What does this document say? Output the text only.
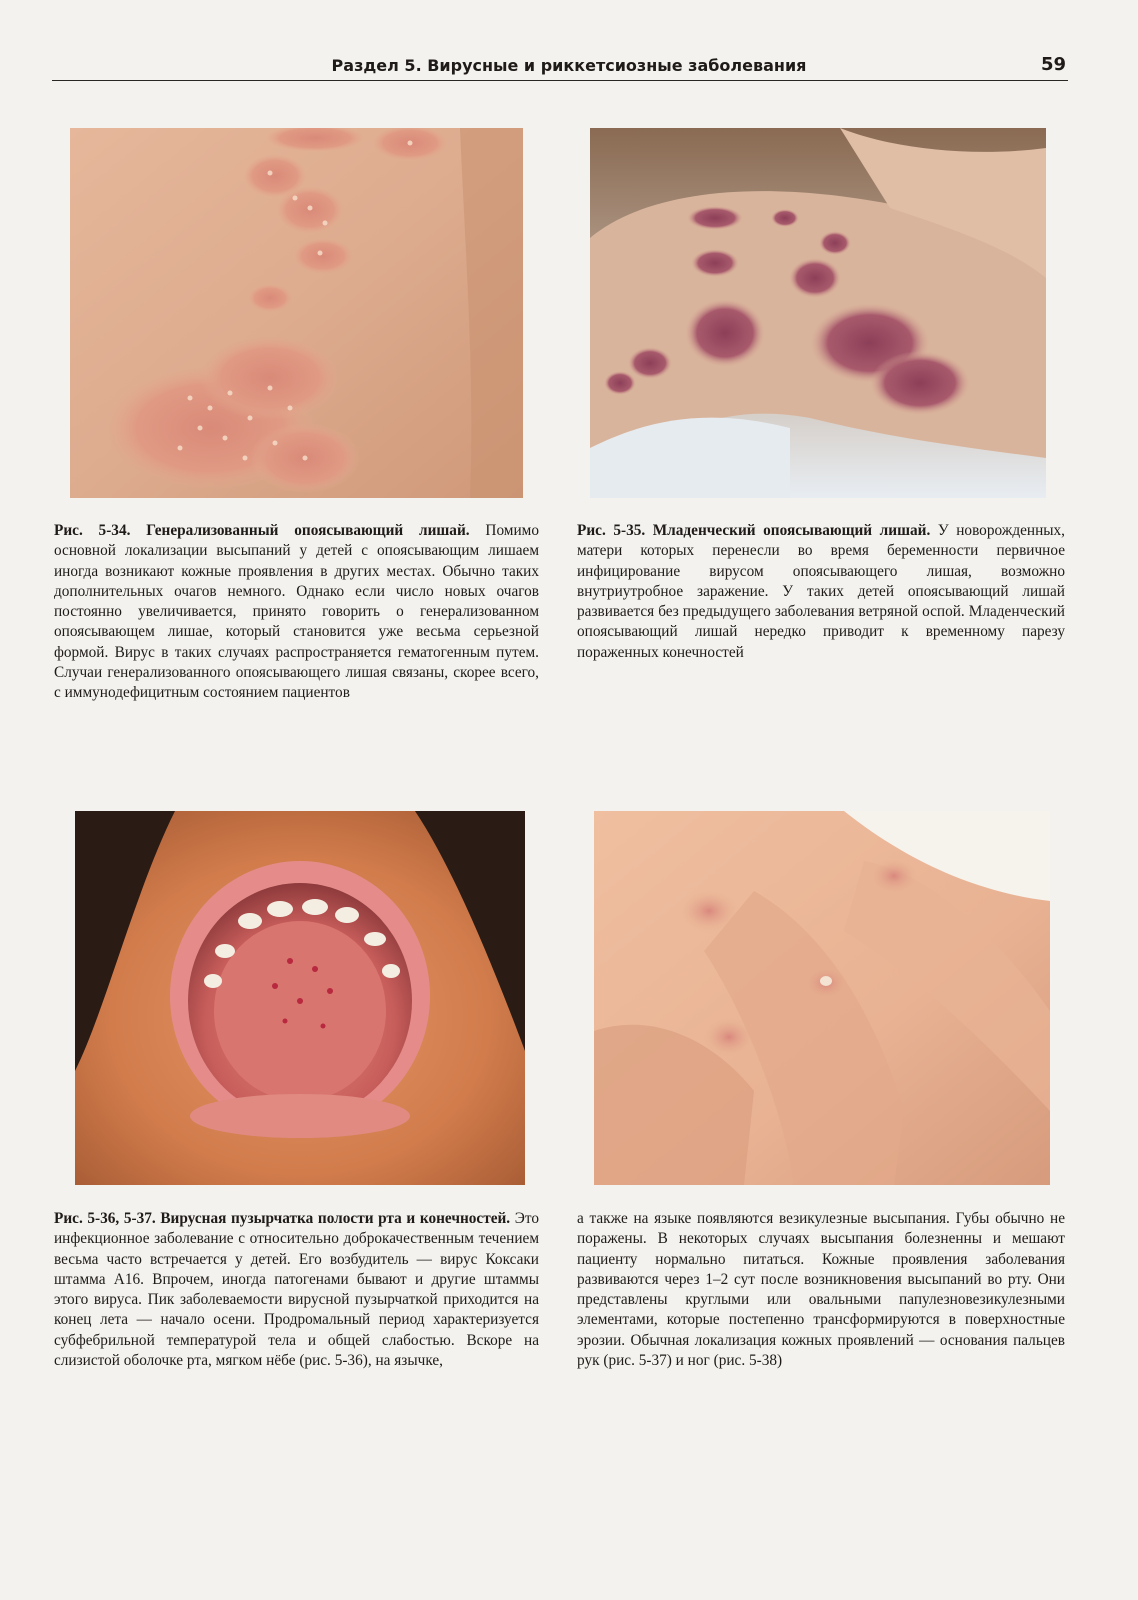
Раздел 5. Вирусные и риккетсиозные заболевания	59
Рис. 5-34. Генерализованный опоясывающий лишай. Помимо основной локализации высыпаний у детей с опоясывающим лишаем иногда возникают кожные проявления в других местах. Обычно таких дополнительных очагов немного. Однако если число новых очагов постоянно увеличивается, принято говорить о генерализованном опоясывающем лишае, который становится уже весьма серьезной формой. Вирус в таких случаях распространяется гематогенным путем. Случаи генерализованного опоясывающего лишая связаны, скорее всего, с иммунодефицитным состоянием пациентов
Рис. 5-35. Младенческий опоясывающий лишай. У новорожденных, матери которых перенесли во время беременности первичное инфицирование вирусом опоясывающего лишая, возможно внутриутробное заражение. У таких детей опоясывающий лишай развивается без предыдущего заболевания ветряной оспой. Младенческий опоясывающий лишай нередко приводит к временному парезу пораженных конечностей
Рис. 5-36, 5-37. Вирусная пузырчатка полости рта и конечностей. Это инфекционное заболевание с относительно доброкачественным течением весьма часто встречается у детей. Его возбудитель — вирус Коксаки штамма А16. Впрочем, иногда патогенами бывают и другие штаммы этого вируса. Пик заболеваемости вирусной пузырчаткой приходится на конец лета — начало осени. Продромальный период характеризуется субфебрильной температурой тела и общей слабостью. Вскоре на слизистой оболочке рта, мягком нёбе (рис. 5-36), на язычке,
а также на языке появляются везикулезные высыпания. Губы обычно не поражены. В некоторых случаях высыпания болезненны и мешают пациенту нормально питаться. Кожные проявления заболевания развиваются через 1–2 сут после возникновения высыпаний во рту. Они представлены круглыми или овальными папулезновезикулезными элементами, которые постепенно трансформируются в поверхностные эрозии. Обычная локализация кожных проявлений — основания пальцев рук (рис. 5-37) и ног (рис. 5-38)
